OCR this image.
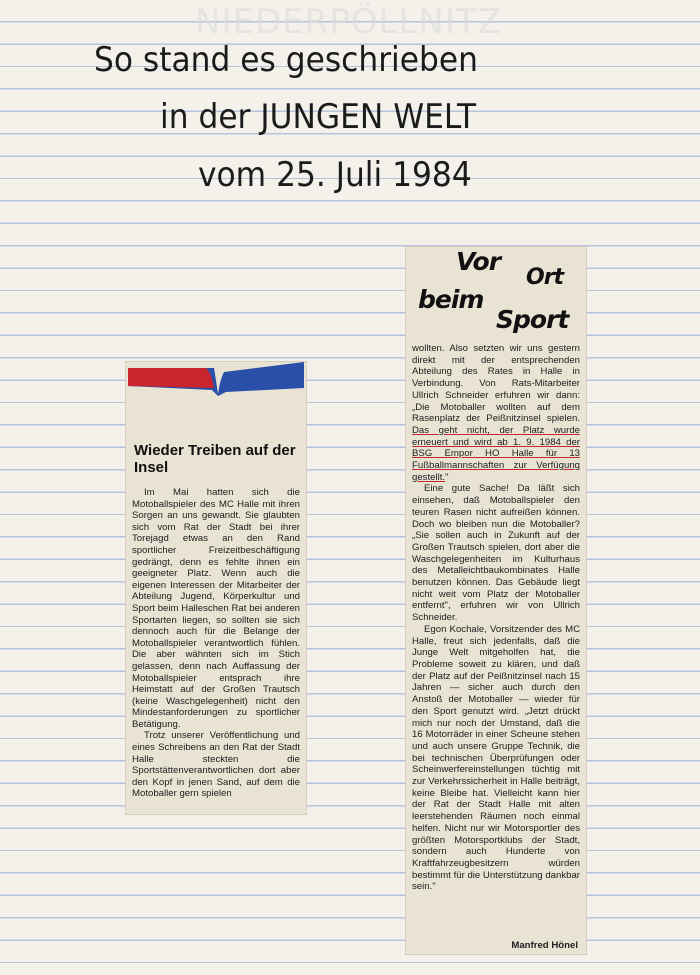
NIEDERPÖLLNITZ
So stand es geschrieben
in der JUNGEN WELT
vom 25. Juli 1984
Wieder Treiben auf der Insel

Im Mai hatten sich die Motoballspieler des MC Halle mit ihren Sorgen an uns gewandt. Sie glaubten sich vom Rat der Stadt bei ihrer Torejagd etwas an den Rand sportlicher Freizeitbeschäftigung gedrängt, denn es fehlte ihnen ein geeigneter Platz. Wenn auch die eigenen Interessen der Mitarbeiter der Abteilung Jugend, Körperkultur und Sport beim Halleschen Rat bei anderen Sportarten liegen, so sollten sie sich dennoch auch für die Belange der Motoballspieler verantwortlich fühlen. Die aber wähnten sich im Stich gelassen, denn nach Auffassung der Motoballspieler entsprach ihre Heimstatt auf der Großen Trautsch (keine Waschgelegenheit) nicht den Mindestanforderungen zu sportlicher Betätigung.

Trotz unserer Veröffentlichung und eines Schreibens an den Rat der Stadt Halle steckten die Sportstättenverantwortlichen dort aber den Kopf in jenen Sand, auf dem die Motoballer gern spielen

Vor
Ort
beim
Sport

wollten. Also setzten wir uns gestern direkt mit der entsprechenden Abteilung des Rates in Halle in Verbindung. Von Rats-Mitarbeiter Ullrich Schneider erfuhren wir dann: „Die Motoballer wollten auf dem Rasenplatz der Peißnitzinsel spielen. Das geht nicht, der Platz wurde erneuert und wird ab 1. 9. 1984 der BSG Empor HO Halle für 13 Fußballmannschaften zur Verfügung gestellt."

Eine gute Sache! Da läßt sich einsehen, daß Motoballspieler den teuren Rasen nicht aufreißen können. Doch wo bleiben nun die Motoballer? „Sie sollen auch in Zukunft auf der Großen Trautsch spielen, dort aber die Waschgelegenheiten im Kulturhaus des Metalleichtbaukombinates Halle benutzen können. Das Gebäude liegt nicht weit vom Platz der Motoballer entfernt", erfuhren wir von Ullrich Schneider.

Egon Kochale, Vorsitzender des MC Halle, freut sich jedenfalls, daß die Junge Welt mitgeholfen hat, die Probleme soweit zu klären, und daß der Platz auf der Peißnitzinsel nach 15 Jahren — sicher auch durch den Anstoß der Motoballer — wieder für den Sport genutzt wird. „Jetzt drückt mich nur noch der Umstand, daß die 16 Motorräder in einer Scheune stehen und auch unsere Gruppe Technik, die bei technischen Überprüfungen oder Scheinwerfereinstellungen tüchtig mit zur Verkehrssicherheit in Halle beiträgt, keine Bleibe hat. Vielleicht kann hier der Rat der Stadt Halle mit alten leerstehenden Räumen noch einmal helfen. Nicht nur wir Motorsportler des größten Motorsportklubs der Stadt, sondern auch Hunderte von Kraftfahrzeugbesitzern würden bestimmt für die Unterstützung dankbar sein."

Manfred Hönel
